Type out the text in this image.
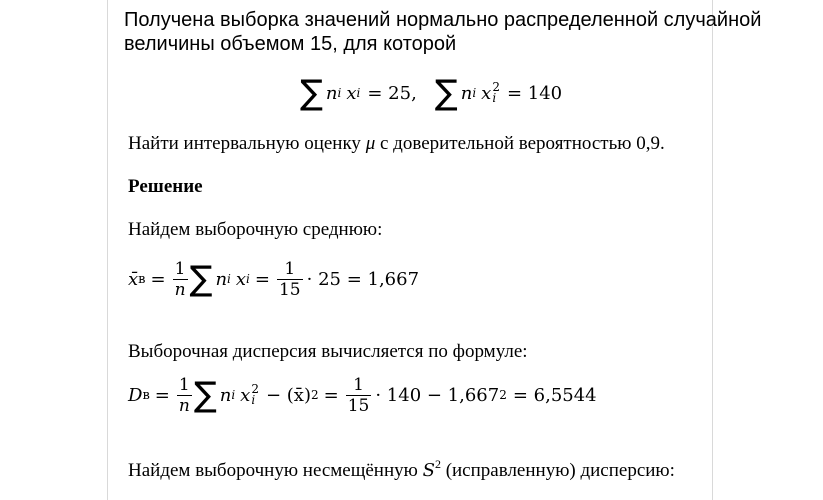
Получена выборка значений нормально распределенной случайной
величины объемом 15, для которой
∑ n i x i = 25, ∑ n i x 2
i = 140
Найти интервальную оценку μ с доверительной вероятностью 0,9.
Решение
Найдем выборочную среднюю:
x̄ $в = \frac{1}{n}$ ∑ n i x $i = \frac{1}{15} \cdot 25 = 1,667$
Выборочная дисперсия вычисляется по формуле:
D $в = \frac{1}{n}$ ∑ n i x 2
i − (x̄) $2 = \frac{1}{15} \cdot 140 - 1,667$ 2 = 6,5544
Найдем выборочную несмещённую $S^2$ (исправленную) дисперсию:
